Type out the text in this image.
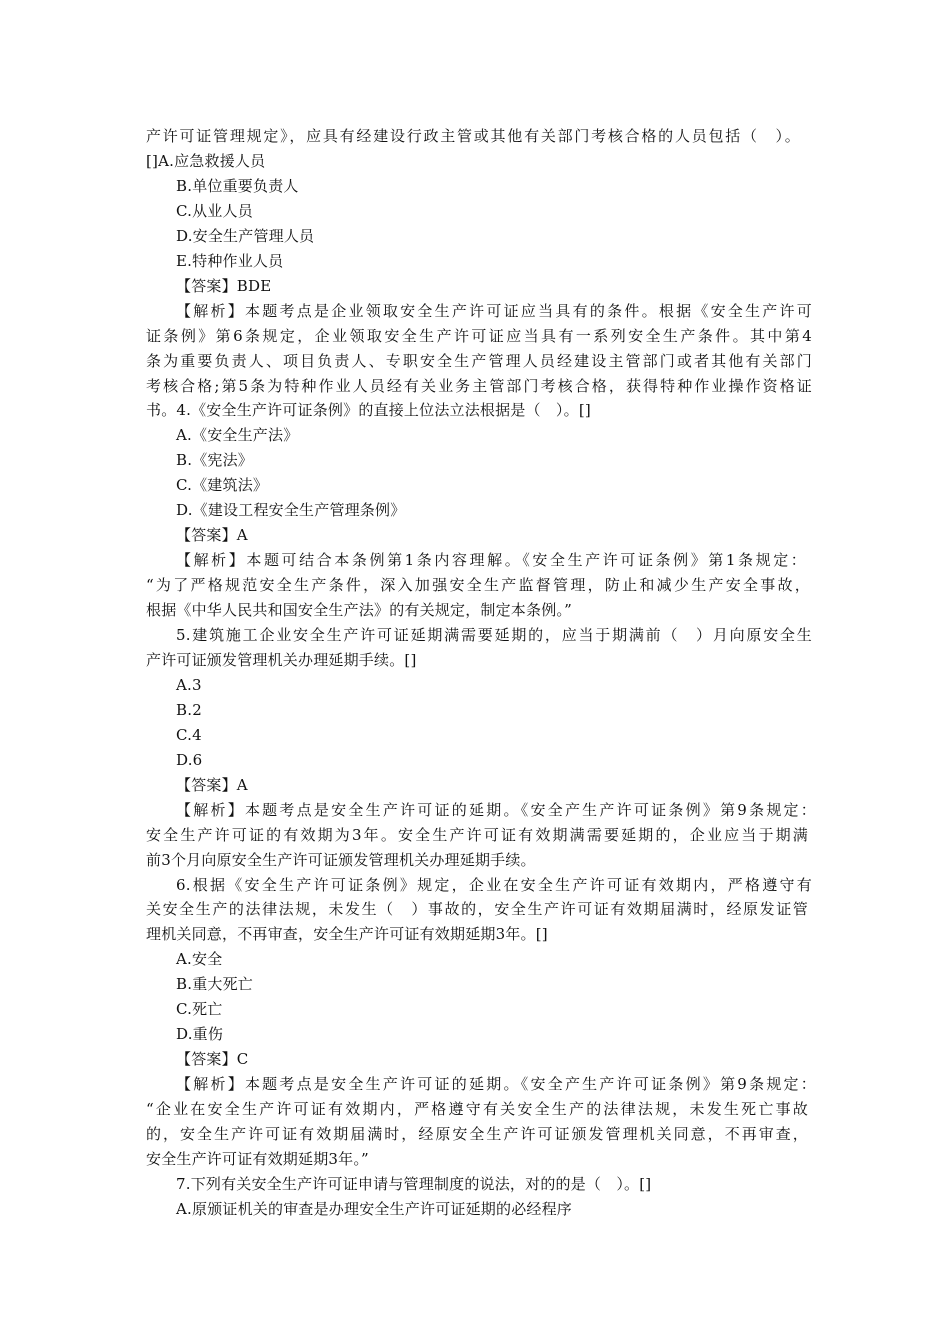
产许可证管理规定》，应具有经建设行政主管或其他有关部门考核合格的人员包括（　）。
[]A.应急救援人员
B.单位重要负责人
C.从业人员
D.安全生产管理人员
E.特种作业人员
【答案】BDE
【解析】本题考点是企业领取安全生产许可证应当具有的条件。根据《安全生产许可
证条例》第6条规定，企业领取安全生产许可证应当具有一系列安全生产条件。其中第4
条为重要负责人、项目负责人、专职安全生产管理人员经建设主管部门或者其他有关部门
考核合格;第5条为特种作业人员经有关业务主管部门考核合格，获得特种作业操作资格证
书。4.《安全生产许可证条例》的直接上位法立法根据是（　）。[]
A.《安全生产法》
B.《宪法》
C.《建筑法》
D.《建设工程安全生产管理条例》
【答案】A
【解析】本题可结合本条例第1条内容理解。《安全生产许可证条例》第1条规定：
“为了严格规范安全生产条件，深入加强安全生产监督管理，防止和减少生产安全事故，
根据《中华人民共和国安全生产法》的有关规定，制定本条例。”
5.建筑施工企业安全生产许可证延期满需要延期的，应当于期满前（　）月向原安全生
产许可证颁发管理机关办理延期手续。[]
A.3
B.2
C.4
D.6
【答案】A
【解析】本题考点是安全生产许可证的延期。《安全产生产许可证条例》第9条规定：
安全生产许可证的有效期为3年。安全生产许可证有效期满需要延期的，企业应当于期满
前3个月向原安全生产许可证颁发管理机关办理延期手续。
6.根据《安全生产许可证条例》规定，企业在安全生产许可证有效期内，严格遵守有
关安全生产的法律法规，未发生（　）事故的，安全生产许可证有效期届满时，经原发证管
理机关同意，不再审查，安全生产许可证有效期延期3年。[]
A.安全
B.重大死亡
C.死亡
D.重伤
【答案】C
【解析】本题考点是安全生产许可证的延期。《安全产生产许可证条例》第9条规定：
“企业在安全生产许可证有效期内，严格遵守有关安全生产的法律法规，未发生死亡事故
的，安全生产许可证有效期届满时，经原安全生产许可证颁发管理机关同意，不再审查，
安全生产许可证有效期延期3年。”
7.下列有关安全生产许可证申请与管理制度的说法，对的的是（　）。[]
A.原颁证机关的审查是办理安全生产许可证延期的必经程序
